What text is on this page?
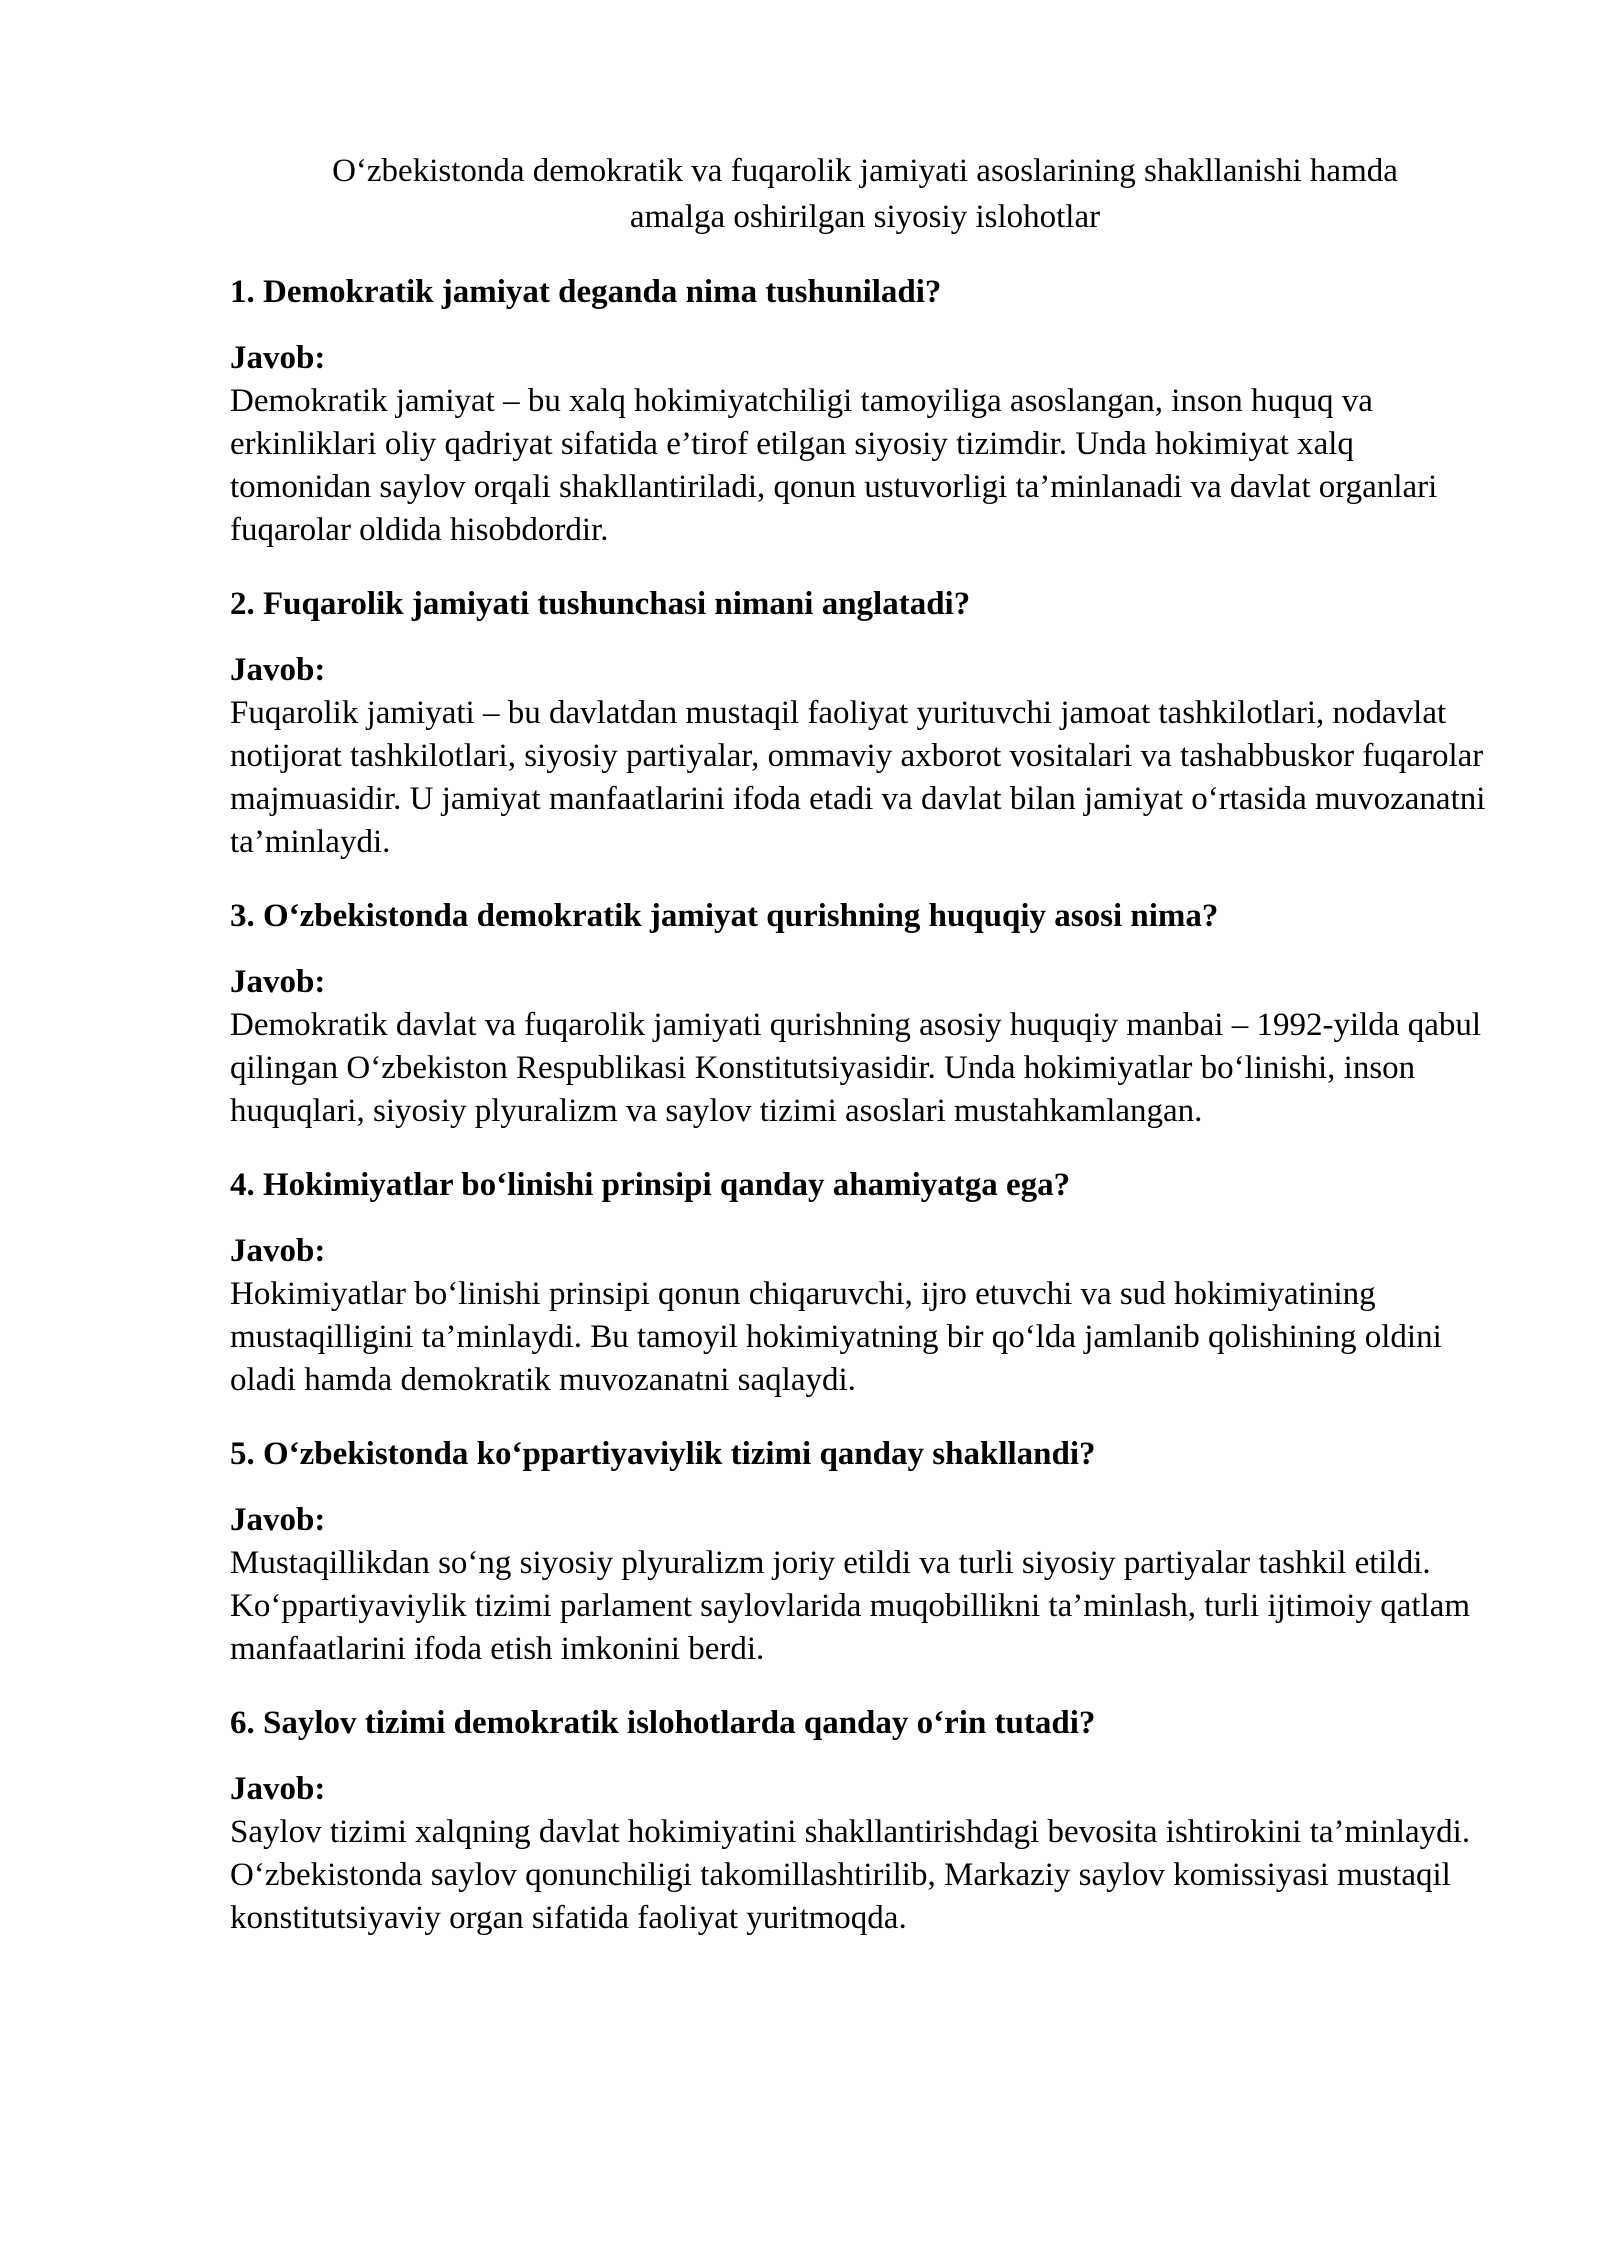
O‘zbekistonda demokratik va fuqarolik jamiyati asoslarining shakllanishi hamda
amalga oshirilgan siyosiy islohotlar
1. Demokratik jamiyat deganda nima tushuniladi?
Javob:
Demokratik jamiyat – bu xalq hokimiyatchiligi tamoyiliga asoslangan, inson huquq va erkinliklari oliy qadriyat sifatida e’tirof etilgan siyosiy tizimdir. Unda hokimiyat xalq tomonidan saylov orqali shakllantiriladi, qonun ustuvorligi ta’minlanadi va davlat organlari fuqarolar oldida hisobdordir.
2. Fuqarolik jamiyati tushunchasi nimani anglatadi?
Javob:
Fuqarolik jamiyati – bu davlatdan mustaqil faoliyat yurituvchi jamoat tashkilotlari, nodavlat notijorat tashkilotlari, siyosiy partiyalar, ommaviy axborot vositalari va tashabbuskor fuqarolar majmuasidir. U jamiyat manfaatlarini ifoda etadi va davlat bilan jamiyat o‘rtasida muvozanatni ta’minlaydi.
3. O‘zbekistonda demokratik jamiyat qurishning huquqiy asosi nima?
Javob:
Demokratik davlat va fuqarolik jamiyati qurishning asosiy huquqiy manbai – 1992-yilda qabul qilingan O‘zbekiston Respublikasi Konstitutsiyasidir. Unda hokimiyatlar bo‘linishi, inson huquqlari, siyosiy plyuralizm va saylov tizimi asoslari mustahkamlangan.
4. Hokimiyatlar bo‘linishi prinsipi qanday ahamiyatga ega?
Javob:
Hokimiyatlar bo‘linishi prinsipi qonun chiqaruvchi, ijro etuvchi va sud hokimiyatining mustaqilligini ta’minlaydi. Bu tamoyil hokimiyatning bir qo‘lda jamlanib qolishining oldini oladi hamda demokratik muvozanatni saqlaydi.
5. O‘zbekistonda ko‘ppartiyaviylik tizimi qanday shakllandi?
Javob:
Mustaqillikdan so‘ng siyosiy plyuralizm joriy etildi va turli siyosiy partiyalar tashkil etildi. Ko‘ppartiyaviylik tizimi parlament saylovlarida muqobillikni ta’minlash, turli ijtimoiy qatlam manfaatlarini ifoda etish imkonini berdi.
6. Saylov tizimi demokratik islohotlarda qanday o‘rin tutadi?
Javob:
Saylov tizimi xalqning davlat hokimiyatini shakllantirishdagi bevosita ishtirokini ta’minlaydi. O‘zbekistonda saylov qonunchiligi takomillashtirilib, Markaziy saylov komissiyasi mustaqil konstitutsiyaviy organ sifatida faoliyat yuritmoqda.
